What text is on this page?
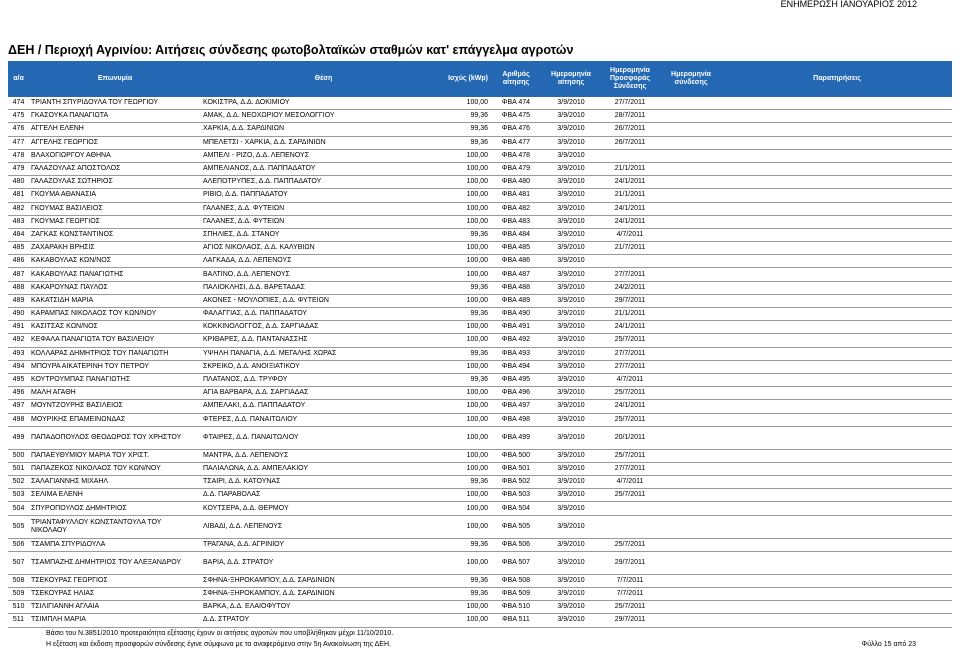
ΕΝΗΜΕΡΩΣΗ ΙΑΝΟΥΑΡΙΟΣ 2012
ΔΕΗ / Περιοχή Αγρινίου: Αιτήσεις σύνδεσης φωτοβολταϊκών σταθμών κατ' επάγγελμα αγροτών
α/α	Επωνυμία	Θέση	Ισχύς (kWp)	Αριθμός αίτησης	Ημερομηνία αίτησης	Ημερομηνία Προσφοράς Σύνδεσης	Ημερομηνία σύνδεσης	Παρατηρήσεις
474	ΤΡΙΑΝΤΗ ΣΠΥΡΙΔΟΥΛΑ ΤΟΥ ΓΕΩΡΓΙΟΥ	ΚΟΚΙΣΤΡΑ, Δ.Δ. ΔΟΚΙΜΙΟΥ	100,00	ΦΒΑ 474	3/9/2010	27/7/2011		
475	ΓΚΑΣΟΥΚΑ ΠΑΝΑΓΙΩΤΑ	ΑΜΑΚ, Δ.Δ. ΝΕΟΧΩΡΙΟΥ ΜΕΣΟΛΟΓΓΙΟΥ	99,36	ΦΒΑ 475	3/9/2010	28/7/2011		
476	ΑΓΓΕΛΗ ΕΛΕΝΗ	ΧΑΡΚΙΑ, Δ.Δ. ΣΑΡΔΙΝΙΩΝ	99,36	ΦΒΑ 476	3/9/2010	26/7/2011		
477	ΑΓΓΕΛΗΣ ΓΕΩΡΓΙΟΣ	ΜΠΕΛΕΤΣΙ - ΧΑΡΚΙΑ, Δ.Δ. ΣΑΡΔΙΝΙΩΝ	99,36	ΦΒΑ 477	3/9/2010	26/7/2011		
478	ΒΛΑΧΟΓΙΩΡΓΟΥ ΑΘΗΝΑ	ΑΜΠΕΛΙ - ΡΙΖΟ, Δ.Δ. ΛΕΠΕΝΟΥΣ	100,00	ΦΒΑ 478	3/9/2010			
479	ΓΑΛΑΖΟΥΛΑΣ ΑΠΟΣΤΟΛΟΣ	ΑΜΠΕΛΙΑΝΟΣ, Δ.Δ. ΠΑΠΠΑΔΑΤΟΥ	100,00	ΦΒΑ 479	3/9/2010	21/1/2011		
480	ΓΑΛΑΖΟΥΛΑΣ ΣΩΤΗΡΙΟΣ	ΑΛΕΠΟΤΡΥΠΕΣ, Δ.Δ. ΠΑΠΠΑΔΑΤΟΥ	100,00	ΦΒΑ 480	3/9/2010	24/1/2011		
481	ΓΚΟΥΜΑ ΑΘΑΝΑΣΙΑ	ΡΙΒΙΟ, Δ.Δ. ΠΑΠΠΑΔΑΤΟΥ	100,00	ΦΒΑ 481	3/9/2010	21/1/2011		
482	ΓΚΟΥΜΑΣ ΒΑΣΙΛΕΙΟΣ	ΓΑΛΑΝΕΣ, Δ.Δ. ΦΥΤΕΙΩΝ	100,00	ΦΒΑ 482	3/9/2010	24/1/2011		
483	ΓΚΟΥΜΑΣ ΓΕΩΡΓΙΟΣ	ΓΑΛΑΝΕΣ, Δ.Δ. ΦΥΤΕΙΩΝ	100,00	ΦΒΑ 483	3/9/2010	24/1/2011		
484	ΖΑΓΚΑΣ ΚΩΝΣΤΑΝΤΙΝΟΣ	ΣΠΗΛΙΕΣ, Δ.Δ. ΣΤΑΝΟΥ	99,36	ΦΒΑ 484	3/9/2010	4/7/2011		
485	ΖΑΧΑΡΑΚΗ ΒΡΗΣΙΣ	ΑΓΙΟΣ ΝΙΚΟΛΑΟΣ, Δ.Δ. ΚΑΛΥΒΙΩΝ	100,00	ΦΒΑ 485	3/9/2010	21/7/2011		
486	ΚΑΚΑΒΟΥΛΑΣ ΚΩΝ/ΝΟΣ	ΛΑΓΚΑΔΑ, Δ.Δ. ΛΕΠΕΝΟΥΣ	100,00	ΦΒΑ 486	3/9/2010			
487	ΚΑΚΑΒΟΥΛΑΣ ΠΑΝΑΓΙΩΤΗΣ	ΒΑΛΤΙΝΟ, Δ.Δ. ΛΕΠΕΝΟΥΣ	100,00	ΦΒΑ 487	3/9/2010	27/7/2011		
488	ΚΑΚΑΡΟΥΝΑΣ ΠΑΥΛΟΣ	ΠΑΛΙΟΚΛΗΣΙ, Δ.Δ. ΒΑΡΕΤΑΔΑΣ	99,36	ΦΒΑ 488	3/9/2010	24/2/2011		
489	ΚΑΚΑΤΣΙΔΗ ΜΑΡΙΑ	ΑΚΟΝΕΣ - ΜΟΥΛΟΠΙΕΣ, Δ.Δ. ΦΥΤΕΙΩΝ	100,00	ΦΒΑ 489	3/9/2010	29/7/2011		
490	ΚΑΡΑΜΠΑΣ ΝΙΚΟΛΑΟΣ ΤΟΥ ΚΩΝ/ΝΟΥ	ΦΑΛΑΓΓΙΑΣ, Δ.Δ. ΠΑΠΠΑΔΑΤΟΥ	99,36	ΦΒΑ 490	3/9/2010	21/1/2011		
491	ΚΑΣΙΤΣΑΣ ΚΩΝ/ΝΟΣ	ΚΟΚΚΙΝΟΛΟΓΓΟΣ, Δ.Δ. ΣΑΡΓΙΑΔΑΣ	100,00	ΦΒΑ 491	3/9/2010	24/1/2011		
492	ΚΕΦΑΛΑ ΠΑΝΑΓΙΩΤΑ ΤΟΥ ΒΑΣΙΛΕΙΟΥ	ΚΡΙΘΑΡΕΣ, Δ.Δ. ΠΑΝΤΑΝΑΣΣΗΣ	100,00	ΦΒΑ 492	3/9/2010	25/7/2011		
493	ΚΟΛΛΑΡΑΣ ΔΗΜΗΤΡΙΟΣ ΤΟΥ ΠΑΝΑΓΙΩΤΗ	ΥΨΗΛΗ ΠΑΝΑΓΙΑ, Δ.Δ. ΜΕΓΑΛΗΣ ΧΩΡΑΣ	99,36	ΦΒΑ 493	3/9/2010	27/7/2011		
494	ΜΠΟΥΡΑ ΑΙΚΑΤΕΡΙΝΗ ΤΟΥ ΠΕΤΡΟΥ	ΣΚΡΕΙΚΟ, Δ.Δ. ΑΝΟΙΞΙΑΤΙΚΟΥ	100,00	ΦΒΑ 494	3/9/2010	27/7/2011		
495	ΚΟΥΤΡΟΥΜΠΑΣ ΠΑΝΑΓΙΩΤΗΣ	ΠΛΑΤΑΝΟΣ, Δ.Δ. ΤΡΥΦΟΥ	99,36	ΦΒΑ 495	3/9/2010	4/7/2011		
496	ΜΑΛΗ ΑΓΑΘΗ	ΑΓΙΑ ΒΑΡΒΑΡΑ, Δ.Δ. ΣΑΡΓΙΑΔΑΣ	100,00	ΦΒΑ 496	3/9/2010	25/7/2011		
497	ΜΟΥΝΤΖΟΥΡΗΣ ΒΑΣΙΛΕΙΟΣ	ΑΜΠΕΛΑΚΙ, Δ.Δ. ΠΑΠΠΑΔΑΤΟΥ	100,00	ΦΒΑ 497	3/9/2010	24/1/2011		
498	ΜΟΥΡΙΚΗΣ ΕΠΑΜΕΙΝΩΝΔΑΣ	ΦΤΕΡΕΣ, Δ.Δ. ΠΑΝΑΙΤΩΛΙΟΥ	100,00	ΦΒΑ 498	3/9/2010	25/7/2011		
499	ΠΑΠΑΔΟΠΟΥΛΟΣ ΘΕΟΔΩΡΟΣ ΤΟΥ ΧΡΗΣΤΟΥ	ΦΤΑΙΡΕΣ, Δ.Δ. ΠΑΝΑΙΤΩΛΙΟΥ	100,00	ΦΒΑ 499	3/9/2010	20/1/2011		
500	ΠΑΠΑΕΥΘΥΜΙΟΥ ΜΑΡΙΑ ΤΟΥ ΧΡΙΣΤ.	ΜΑΝΤΡΑ, Δ.Δ. ΛΕΠΕΝΟΥΣ	100,00	ΦΒΑ 500	3/9/2010	25/7/2011		
501	ΠΑΠΑΖΕΚΟΣ ΝΙΚΟΛΑΟΣ ΤΟΥ ΚΩΝ/ΝΟΥ	ΠΑΛΙΑΛΩΝΑ, Δ.Δ. ΑΜΠΕΛΑΚΙΟΥ	100,00	ΦΒΑ 501	3/9/2010	27/7/2011		
502	ΣΑΛΑΓΙΑΝΝΗΣ ΜΙΧΑΗΛ	ΤΣΑΙΡΙ, Δ.Δ. ΚΑΤΟΥΝΑΣ	99,36	ΦΒΑ 502	3/9/2010	4/7/2011		
503	ΣΕΛΙΜΑ ΕΛΕΝΗ	Δ.Δ. ΠΑΡΑΒΟΛΑΣ	100,00	ΦΒΑ 503	3/9/2010	25/7/2011		
504	ΣΠΥΡΟΠΟΥΛΟΣ ΔΗΜΗΤΡΙΟΣ	ΚΟΥΤΣΕΡΑ, Δ.Δ. ΘΕΡΜΟΥ	100,00	ΦΒΑ 504	3/9/2010			
505	ΤΡΙΑΝΤΑΦΥΛΛΟΥ ΚΩΝΣΤΑΝΤΟΥΛΑ ΤΟΥ ΝΙΚΟΛΑΟΥ	ΛΙΒΑΔΙ, Δ.Δ. ΛΕΠΕΝΟΥΣ	100,00	ΦΒΑ 505	3/9/2010			
506	ΤΣΑΜΠΑ ΣΠΥΡΙΔΟΥΛΑ	ΤΡΑΓΑΝΑ, Δ.Δ. ΑΓΡΙΝΙΟΥ	99,36	ΦΒΑ 506	3/9/2010	25/7/2011		
507	ΤΣΑΜΠΑΖΗΣ ΔΗΜΗΤΡΙΟΣ ΤΟΥ ΑΛΕΞΑΝΔΡΟΥ	ΒΑΡΙΑ, Δ.Δ. ΣΤΡΑΤΟΥ	100,00	ΦΒΑ 507	3/9/2010	29/7/2011		
508	ΤΣΕΚΟΥΡΑΣ ΓΕΩΡΓΙΟΣ	ΣΦΗΝΑ-ΞΗΡΟΚΑΜΠΟΥ, Δ.Δ. ΣΑΡΔΙΝΙΩΝ	99,36	ΦΒΑ 508	3/9/2010	7/7/2011		
509	ΤΣΕΚΟΥΡΑΣ ΗΛΙΑΣ	ΣΦΗΝΑ-ΞΗΡΟΚΑΜΠΟΥ, Δ.Δ. ΣΑΡΔΙΝΙΩΝ	99,36	ΦΒΑ 509	3/9/2010	7/7/2011		
510	ΤΣΙΛΙΓΙΑΝΝΗ ΑΓΛΑΙΑ	ΒΑΡΚΑ, Δ.Δ. ΕΛΑΙΟΦΥΤΟΥ	100,00	ΦΒΑ 510	3/9/2010	25/7/2011		
511	ΤΣΙΜΠΛΗ ΜΑΡΙΑ	Δ.Δ. ΣΤΡΑΤΟΥ	100,00	ΦΒΑ 511	3/9/2010	29/7/2011		
Βάσει του Ν.3851/2010 προτεραιότητα εξέτασης έχουν οι αιτήσεις αγροτών που υποβλήθηκαν μέχρι 11/10/2010.
Η εξέταση και έκδοση προσφορών σύνδεσης έγινε σύμφωνα με τα αναφερόμενα στην 5η Ανακοίνωση της ΔΕΗ.	Φύλλο 15 από 23
